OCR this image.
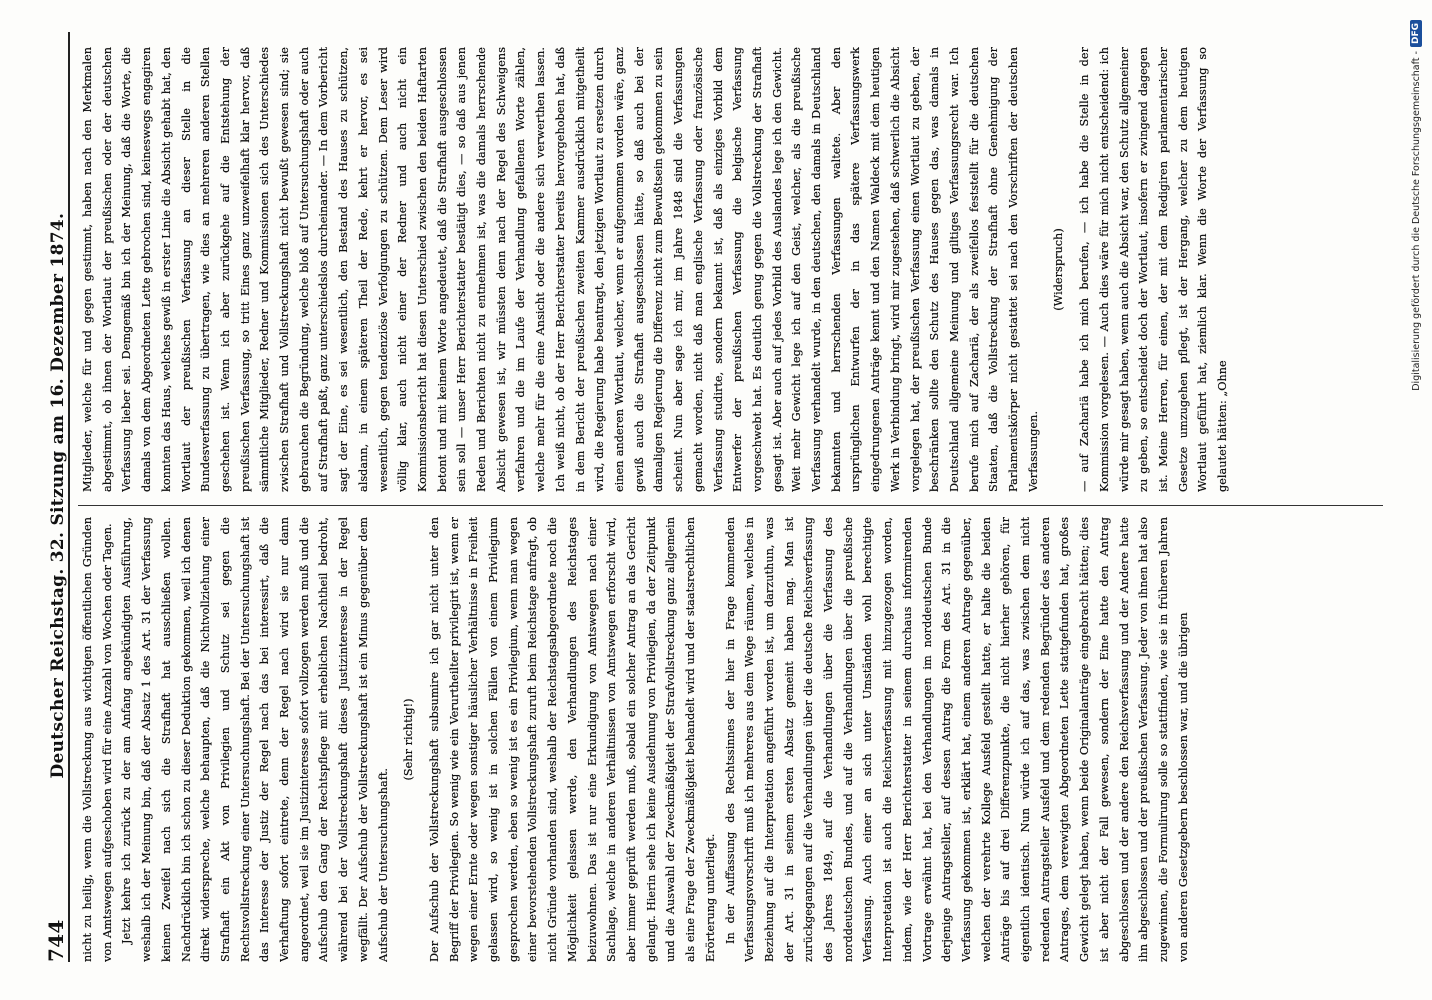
744
Deutscher Reichstag. 32. Sitzung am 16. Dezember 1874. nicht zu heilig, wenn die Vollstreckung aus wichtigen öffentlichen Gründen von Amtswegen aufgeschoben wird für eine Anzahl von Wochen oder Tagen. Jetzt kehre ich zurück zu der am Anfang angekündigten Ausführung, weshalb ich der Meinung bin, daß der Absatz 1 des Art. 31 der Verfassung keinen Zweifel nach sich die Strafhaft hat ausschließen wollen. Nachdrücklich bin ich schon zu dieser Deduktion gekommen, weil ich denen direkt widerspreche, welche behaupten, daß die Nichtvollziehung einer Strafhaft ein Akt von Privilegien und Schutz sei gegen die Rechtsvollstreckung einer Untersuchungshaft. Bei der Untersuchungshaft ist das Interesse der Justiz der Regel nach das bei interessirt, daß die Verhaftung sofort eintrete, denn der Regel nach wird sie nur dann angeordnet, weil sie im Justizinteresse sofort vollzogen werden muß und die Aufschub den Gang der Rechtspflege mit erheblichen Nachtheil bedroht, während bei der Vollstreckungshaft dieses Justizinteresse in der Regel wegfällt. Der Aufschub der Vollstreckungshaft ist ein Minus gegenüber dem Aufschub der Untersuchungshaft.

(Sehr richtig!)	Der Aufschub der Vollstreckungshaft subsumire ich gar nicht unter den Begriff der Privilegien. So wenig wie ein Verurtheilter privilegirt ist, wenn er wegen einer Ernte oder wegen sonstiger häuslicher Verhältnisse in Freiheit gelassen wird, so wenig ist in solchen Fällen von einem Privilegium gesprochen werden, eben so wenig ist es ein Privilegium, wenn man wegen einer bevorstehenden Vollstreckungshaft zuruft beim Reichstage anfragt, ob nicht Gründe vorhanden sind, weshalb der Reichstagsabgeordnete noch die Möglichkeit gelassen werde, den Verhandlungen des Reichstages beizuwohnen. Das ist nur eine Erkundigung von Amtswegen nach einer Sachlage, welche in anderen Verhältnissen von Amtswegen erforscht wird, aber immer geprüft werden muß, sobald ein solcher Antrag an das Gericht gelangt. Hierin sehe ich keine Ausdehnung von Privilegien, da der Zeitpunkt und die Auswahl der Zweckmäßigkeit der Strafvollstreckung ganz allgemein als eine Frage der Zweckmäßigkeit behandelt wird und der staatsrechtlichen Erörterung unterliegt. In der Auffassung des Rechtssinnes der hier in Frage kommenden Verfassungsvorschrift muß ich mehreres aus dem Wege räumen, welches in Beziehung auf die Interpretation angeführt worden ist, um darzuthun, was der Art. 31 in seinem ersten Absatz gemeint haben mag. Man ist zurückgegangen auf die Verhandlungen über die deutsche Reichsverfassung des Jahres 1849, auf die Verhandlungen über die Verfassung des norddeutschen Bundes, und auf die Verhandlungen über die preußische Verfassung. Auch einer an sich unter Umständen wohl berechtigte Interpretation ist auch die Reichsverfassung mit hinzugezogen worden, indem, wie der Herr Berichterstatter in seinem durchaus informirenden Vortrage erwähnt hat, bei den Verhandlungen im norddeutschen Bunde derjenige Antragsteller, auf dessen Antrag die Form des Art. 31 in die Verfassung gekommen ist, erklärt hat, einem anderen Antrage gegenüber, welchen der verehrte Kollege Ausfeld gestellt hatte, er halte die beiden Anträge bis auf drei Differenzpunkte, die nicht hierher gehören, für eigentlich identisch. Nun würde ich auf das, was zwischen dem nicht redenden Antragsteller Ausfeld und dem redenden Begründer des anderen Antrages, dem verewigten Abgeordneten Lette stattgefunden hat, großes Gewicht gelegt haben, wenn beide Originalanträge eingebracht hätten; dies ist aber nicht der Fall gewesen, sondern der Eine hatte den Antrag abgeschlossen und der andere den Reichsverfassung und der Andere hatte ihn abgeschlossen und der preußischen Verfassung. Jeder von ihnen hat also zugewinnen, die Formulirung solle so stattfinden, wie sie in früheren Jahren von anderen Gesetzgebern beschlossen war, und die übrigen

Mitglieder, welche für und gegen gestimmt, haben nach den Merkmalen abgestimmt, ob ihnen der Wortlaut der preußischen oder der deutschen Verfassung lieber sei. Demgemäß bin ich der Meinung, daß die Worte, die damals von dem Abgeordneten Lette gebrochen sind, keineswegs engagiren konnten das Haus, welches gewiß in erster Linie die Absicht gehabt hat, den Wortlaut der preußischen Verfassung an dieser Stelle in die Bundesverfassung zu übertragen, wie dies an mehreren anderen Stellen geschehen ist. Wenn ich aber zurückgehe auf die Entstehung der preußischen Verfassung, so tritt Eines ganz unzweifelhaft klar hervor, daß sämmtliche Mitglieder, Redner und Kommissionen sich des Unterschiedes zwischen Strafhaft und Vollstreckungshaft nicht bewußt gewesen sind; sie gebrauchen die Begründung, welche bloß auf Untersuchungshaft oder auch auf Strafhaft paßt, ganz unterschiedslos durcheinander. — In dem Vorbericht sagt der Eine, es sei wesentlich, den Bestand des Hauses zu schützen, alsdann, in einem späteren Theil der Rede, kehrt er hervor, es sei wesentlich, gegen tendenziöse Verfolgungen zu schützen. Dem Leser wird völlig klar, auch nicht einer der Redner und auch nicht ein Kommissionsbericht hat diesen Unterschied zwischen den beiden Haftarten betont und mit keinem Worte angedeutet, daß die Strafhaft ausgeschlossen sein soll — unser Herr Berichterstatter bestätigt dies, — so daß aus jenen Reden und Berichten nicht zu entnehmen ist, was die damals herrschende Absicht gewesen ist, wir müssten denn nach der Regel des Schweigens verfahren und die im Laufe der Verhandlung gefallenen Worte zählen, welche mehr für die eine Ansicht oder die andere sich verwerthen lassen. Ich weiß nicht, ob der Herr Berichterstatter bereits hervorgehoben hat, daß in dem Bericht der preußischen zweiten Kammer ausdrücklich mitgetheilt wird, die Regierung habe beantragt, den jetzigen Wortlaut zu ersetzen durch einen anderen Wortlaut, welcher, wenn er aufgenommen worden wäre, ganz gewiß auch die Strafhaft ausgeschlossen hätte, so daß auch bei der damaligen Regierung die Differenz nicht zum Bewußtsein gekommen zu sein scheint. Nun aber sage ich mir, im Jahre 1848 sind die Verfassungen gemacht worden, nicht daß man englische Verfassung oder französische Verfassung studirte, sondern bekannt ist, daß als einziges Vorbild dem Entwerfer der preußischen Verfassung die belgische Verfassung vorgeschwebt hat. Es deutlich genug gegen die Vollstreckung der Strafhaft gesagt ist. Aber auch auf jedes Vorbild des Auslandes lege ich den Gewicht. Weit mehr Gewicht lege ich auf den Geist, welcher, als die preußische Verfassung verhandelt wurde, in den deutschen, den damals in Deutschland bekannten und herrschenden Verfassungen waltete. Aber den ursprünglichen Entwurfen der in das spätere Verfassungswerk eingedrungenen Anträge kennt und den Namen Waldeck mit dem heutigen Werk in Verbindung bringt, wird mir zugestehen, daß schwerlich die Absicht vorgelegen hat, der preußischen Verfassung einen Wortlaut zu geben, der beschränken sollte den Schutz des Hauses gegen das, was damals in Deutschland allgemeine Meinung und giltiges Verfassungsrecht war. Ich berufe mich auf Zachariä, der als zweifellos feststellt für die deutschen Staaten, daß die Vollstreckung der Strafhaft ohne Genehmigung der Parlamentskörper nicht gestattet sei nach den Vorschriften der deutschen Verfassungen.

(Widerspruch)	— auf Zachariä habe ich mich berufen, — ich habe die Stelle in der Kommission vorgelesen. — Auch dies wäre für mich nicht entscheidend: ich würde mir gesagt haben, wenn auch die Absicht war, den Schutz allgemeiner zu geben, so entscheidet doch der Wortlaut, insofern er zwingend dagegen ist. Meine Herren, für einen, der mit dem Redigiren parlamentarischer Gesetze umzugehen pflegt, ist der Hergang, welcher zu dem heutigen Wortlaut geführt hat, ziemlich klar. Wenn die Worte der Verfassung so gelautet hätten: „Ohne

Digitalisierung gefördert durch die Deutsche Forschungsgemeinschaft -
DFG
